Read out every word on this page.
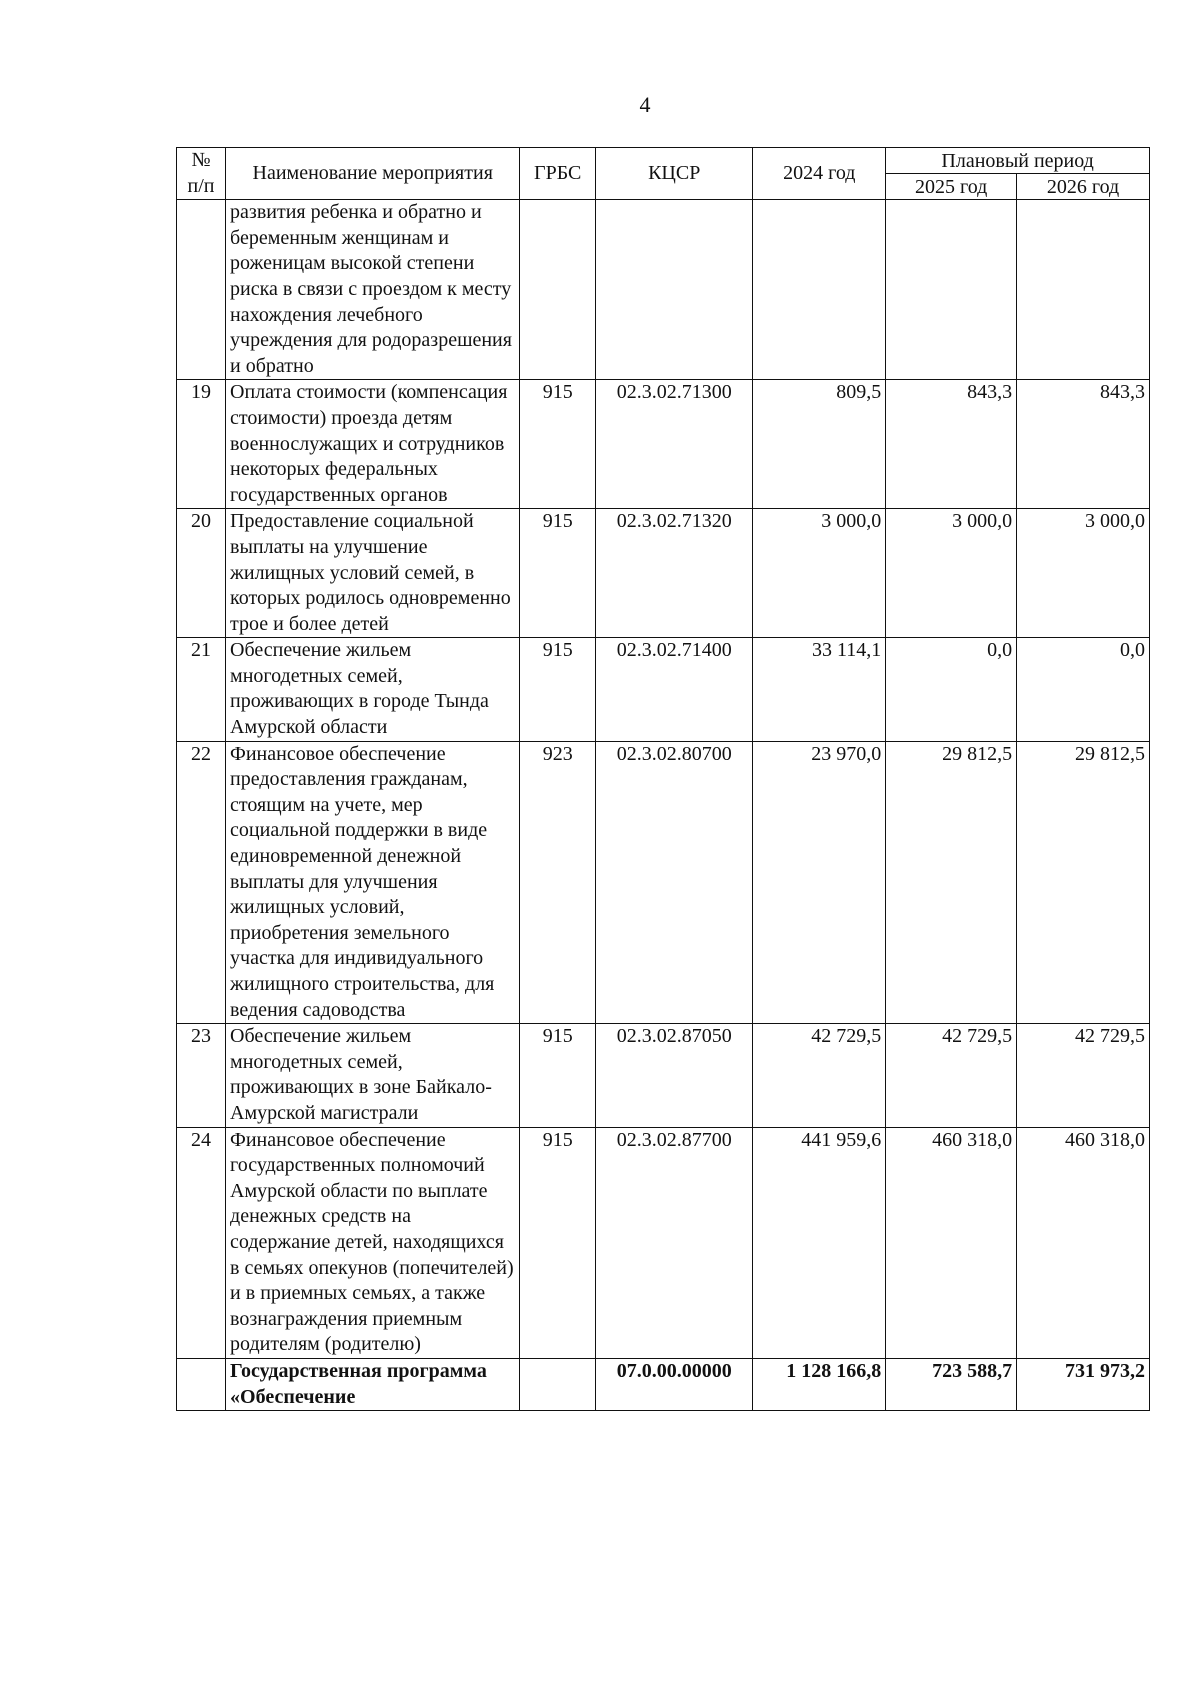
4
№ п/п	Наименование мероприятия	ГРБС	КЦСР	2024 год	Плановый период	
					2025 год	2026 год
	развития ребенка и обратно и беременным женщинам и роженицам высокой степени риска в связи с проездом к месту нахождения лечебного учреждения для родоразрешения и обратно					
19	Оплата стоимости (компенсация стоимости) проезда детям военнослужащих и сотрудников некоторых федеральных государственных органов	915	02.3.02.71300	809,5	843,3	843,3
20	Предоставление социальной выплаты на улучшение жилищных условий семей, в которых родилось одновременно трое и более детей	915	02.3.02.71320	3 000,0	3 000,0	3 000,0
21	Обеспечение жильем многодетных семей, проживающих в городе Тында Амурской области	915	02.3.02.71400	33 114,1	0,0	0,0
22	Финансовое обеспечение предоставления гражданам, стоящим на учете, мер социальной поддержки в виде единовременной денежной выплаты для улучшения жилищных условий, приобретения земельного участка для индивидуального жилищного строительства, для ведения садоводства	923	02.3.02.80700	23 970,0	29 812,5	29 812,5
23	Обеспечение жильем многодетных семей, проживающих в зоне Байкало-Амурской магистрали	915	02.3.02.87050	42 729,5	42 729,5	42 729,5
24	Финансовое обеспечение государственных полномочий Амурской области по выплате денежных средств на содержание детей, находящихся в семьях опекунов (попечителей) и в приемных семьях, а также вознаграждения приемным родителям (родителю)	915	02.3.02.87700	441 959,6	460 318,0	460 318,0
	Государственная программа «Обеспечение		07.0.00.00000	1 128 166,8	723 588,7	731 973,2
